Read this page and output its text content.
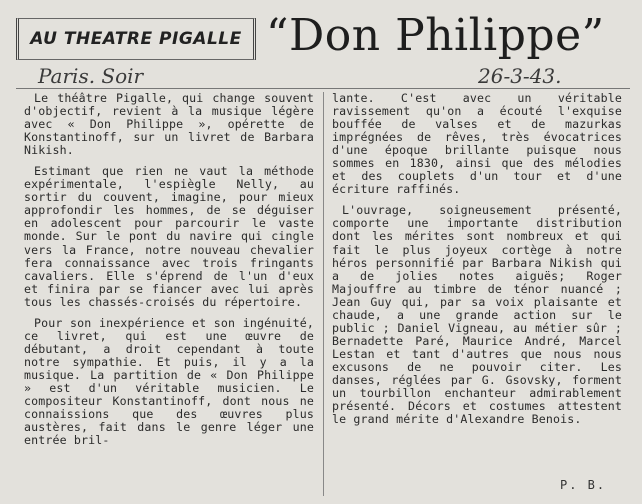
AU THEATRE PIGALLE “Don Philippe”
Paris. Soir	26-3-43.

Le théâtre Pigalle, qui change souvent d'objectif, revient à la musique légère avec « Don Philippe », opérette de Konstantinoff, sur un livret de Barbara Nikish.

Estimant que rien ne vaut la méthode expérimentale, l'espiègle Nelly, au sortir du couvent, imagine, pour mieux approfondir les hommes, de se déguiser en adolescent pour parcourir le vaste monde. Sur le pont du navire qui cingle vers la France, notre nouveau chevalier fera connaissance avec trois fringants cavaliers. Elle s'éprend de l'un d'eux et finira par se fiancer avec lui après tous les chassés-croisés du répertoire.

Pour son inexpérience et son ingénuité, ce livret, qui est une œuvre de débutant, a droit cependant à toute notre sympathie. Et puis, il y a la musique. La partition de « Don Philippe » est d'un véritable musicien. Le compositeur Konstantinoff, dont nous ne connaissions que des œuvres plus austères, fait dans le genre léger une entrée bril-

lante. C'est avec un véritable ravissement qu'on a écouté l'exquise bouffée de valses et de mazurkas imprégnées de rêves, très évocatrices d'une époque brillante puisque nous sommes en 1830, ainsi que des mélodies et des couplets d'un tour et d'une écriture raffinés.

L'ouvrage, soigneusement présenté, comporte une importante distribution dont les mérites sont nombreux et qui fait le plus joyeux cortège à notre héros personnifié par Barbara Nikish qui a de jolies notes aiguës; Roger Majouffre au timbre de ténor nuancé ; Jean Guy qui, par sa voix plaisante et chaude, a une grande action sur le public ; Daniel Vigneau, au métier sûr ; Bernadette Paré, Maurice André, Marcel Lestan et tant d'autres que nous nous excusons de ne pouvoir citer. Les danses, réglées par G. Gsovsky, forment un tourbillon enchanteur admirablement présenté. Décors et costumes attestent le grand mérite d'Alexandre Benois.

P. B.
